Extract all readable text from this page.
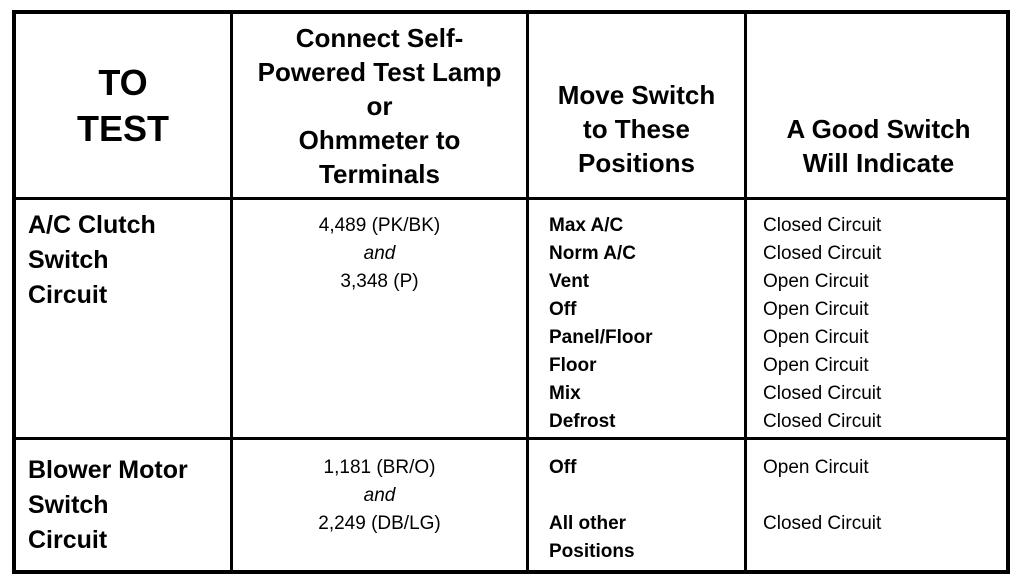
TO
TEST
Connect Self-
Powered Test Lamp
or
Ohmmeter to
Terminals
Move Switch
to These
Positions
A Good Switch
Will Indicate
A/C Clutch
Switch
Circuit
4,489 (PK/BK)
and
3,348 (P)
Max A/C
Norm A/C
Vent
Off
Panel/Floor
Floor
Mix
Defrost
Closed Circuit
Closed Circuit
Open Circuit
Open Circuit
Open Circuit
Open Circuit
Closed Circuit
Closed Circuit
Blower Motor
Switch
Circuit
1,181 (BR/O)
and
2,249 (DB/LG)
Off
All other
Positions
Open Circuit
Closed Circuit
